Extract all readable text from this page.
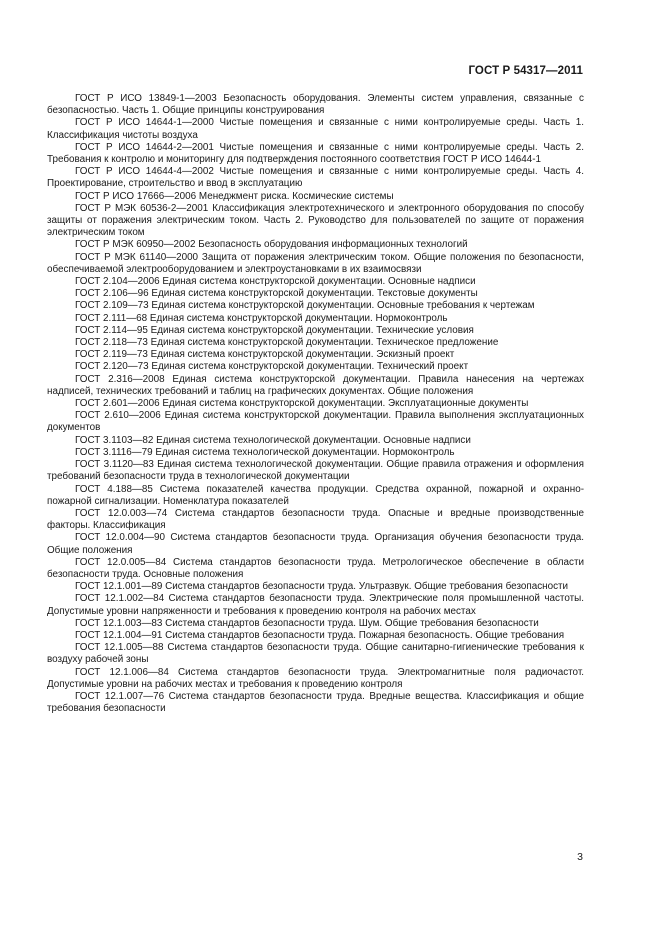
ГОСТ Р 54317—2011

ГОСТ Р ИСО 13849-1—2003 Безопасность оборудования. Элементы систем управления, связанные с безопасностью. Часть 1. Общие принципы конструирования

ГОСТ Р ИСО 14644-1—2000 Чистые помещения и связанные с ними контролируемые среды. Часть 1. Классификация чистоты воздуха

ГОСТ Р ИСО 14644-2—2001 Чистые помещения и связанные с ними контролируемые среды. Часть 2. Требования к контролю и мониторингу для подтверждения постоянного соответствия ГОСТ Р ИСО 14644-1

ГОСТ Р ИСО 14644-4—2002 Чистые помещения и связанные с ними контролируемые среды. Часть 4. Проектирование, строительство и ввод в эксплуатацию

ГОСТ Р ИСО 17666—2006 Менеджмент риска. Космические системы

ГОСТ Р МЭК 60536-2—2001 Классификация электротехнического и электронного оборудования по способу защиты от поражения электрическим током. Часть 2. Руководство для пользователей по защите от поражения электрическим током

ГОСТ Р МЭК 60950—2002 Безопасность оборудования информационных технологий

ГОСТ Р МЭК 61140—2000 Защита от поражения электрическим током. Общие положения по безопасности, обеспечиваемой электрооборудованием и электроустановками в их взаимосвязи

ГОСТ 2.104—2006 Единая система конструкторской документации. Основные надписи

ГОСТ 2.106—96 Единая система конструкторской документации. Текстовые документы

ГОСТ 2.109—73 Единая система конструкторской документации. Основные требования к чертежам

ГОСТ 2.111—68 Единая система конструкторской документации. Нормоконтроль

ГОСТ 2.114—95 Единая система конструкторской документации. Технические условия

ГОСТ 2.118—73 Единая система конструкторской документации. Техническое предложение

ГОСТ 2.119—73 Единая система конструкторской документации. Эскизный проект

ГОСТ 2.120—73 Единая система конструкторской документации. Технический проект

ГОСТ 2.316—2008 Единая система конструкторской документации. Правила нанесения на чертежах надписей, технических требований и таблиц на графических документах. Общие положения

ГОСТ 2.601—2006 Единая система конструкторской документации. Эксплуатационные документы

ГОСТ 2.610—2006 Единая система конструкторской документации. Правила выполнения эксплуатационных документов

ГОСТ 3.1103—82 Единая система технологической документации. Основные надписи

ГОСТ 3.1116—79 Единая система технологической документации. Нормоконтроль

ГОСТ 3.1120—83 Единая система технологической документации. Общие правила отражения и оформления требований безопасности труда в технологической документации

ГОСТ 4.188—85 Система показателей качества продукции. Средства охранной, пожарной и охранно-пожарной сигнализации. Номенклатура показателей

ГОСТ 12.0.003—74 Система стандартов безопасности труда. Опасные и вредные производственные факторы. Классификация

ГОСТ 12.0.004—90 Система стандартов безопасности труда. Организация обучения безопасности труда. Общие положения

ГОСТ 12.0.005—84 Система стандартов безопасности труда. Метрологическое обеспечение в области безопасности труда. Основные положения

ГОСТ 12.1.001—89 Система стандартов безопасности труда. Ультразвук. Общие требования безопасности

ГОСТ 12.1.002—84 Система стандартов безопасности труда. Электрические поля промышленной частоты. Допустимые уровни напряженности и требования к проведению контроля на рабочих местах

ГОСТ 12.1.003—83 Система стандартов безопасности труда. Шум. Общие требования безопасности

ГОСТ 12.1.004—91 Система стандартов безопасности труда. Пожарная безопасность. Общие требования

ГОСТ 12.1.005—88 Система стандартов безопасности труда. Общие санитарно-гигиенические требования к воздуху рабочей зоны

ГОСТ 12.1.006—84 Система стандартов безопасности труда. Электромагнитные поля радиочастот. Допустимые уровни на рабочих местах и требования к проведению контроля

ГОСТ 12.1.007—76 Система стандартов безопасности труда. Вредные вещества. Классификация и общие требования безопасности

3
